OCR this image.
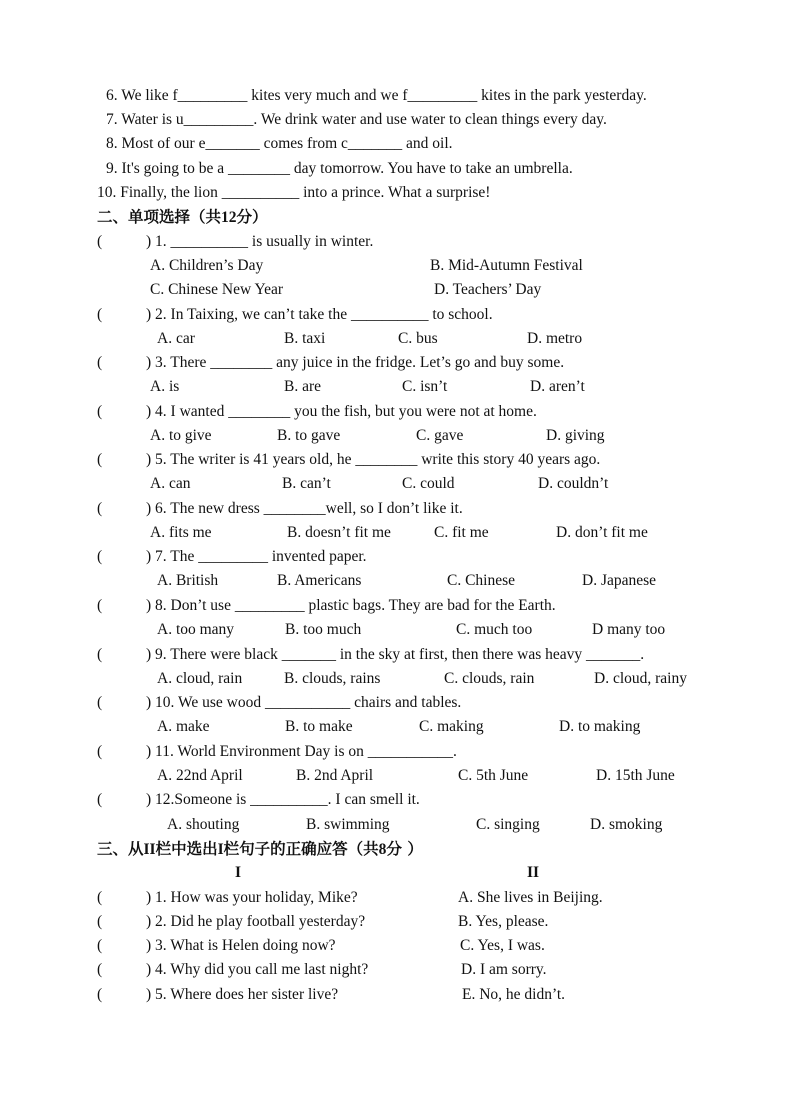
6. We like f_________ kites very much and we f_________ kites in the park yesterday.
7. Water is u_________. We drink water and use water to clean things every day.
8. Most of our e_______ comes from c_______ and oil.
9. It's going to be a ________ day tomorrow. You have to take an umbrella.
10. Finally, the lion __________ into a prince. What a surprise!
二、单项选择（共12分）
(	) 1. __________ is usually in winter.
A. Children’s Day	B. Mid-Autumn Festival
C. Chinese New Year	D. Teachers’ Day
(	) 2. In Taixing, we can’t take the __________ to school.
A. car	B. taxi	C. bus	D. metro
(	) 3. There ________ any juice in the fridge. Let’s go and buy some.
A. is	B. are	C. isn’t	D. aren’t
(	) 4. I wanted ________ you the fish, but you were not at home.
A. to give	B. to gave	C. gave	D. giving
(	) 5. The writer is 41 years old, he ________ write this story 40 years ago.
A. can	B. can’t	C. could	D. couldn’t
(	) 6. The new dress ________well, so I don’t like it.
A. fits me	B. doesn’t fit me	C. fit me	D. don’t fit me
(	) 7. The _________ invented paper.
A. British	B. Americans	C. Chinese	D. Japanese
(	) 8. Don’t use _________ plastic bags. They are bad for the Earth.
A. too many	B. too much	C. much too	D many too
(	) 9. There were black _______ in the sky at first, then there was heavy _______.
A. cloud, rain	B. clouds, rains	C. clouds, rain	D. cloud, rainy
(	) 10. We use wood ___________ chairs and tables.
A. make	B. to make	C. making	D. to making
(	) 11. World Environment Day is on ___________.
A. 22nd April	B. 2nd April	C. 5th June	D. 15th June
(	) 12.Someone is __________. I can smell it.
A. shouting	B. swimming	C. singing	D. smoking
三、从II栏中选出I栏句子的正确应答（共8分 ）
I	II
(	) 1. How was your holiday, Mike?	A. She lives in Beijing.
(	) 2. Did he play football yesterday?	B. Yes, please.
(	) 3. What is Helen doing now?	C. Yes, I was.
(	) 4. Why did you call me last night?	D. I am sorry.
(	) 5. Where does her sister live?	E. No, he didn’t.
